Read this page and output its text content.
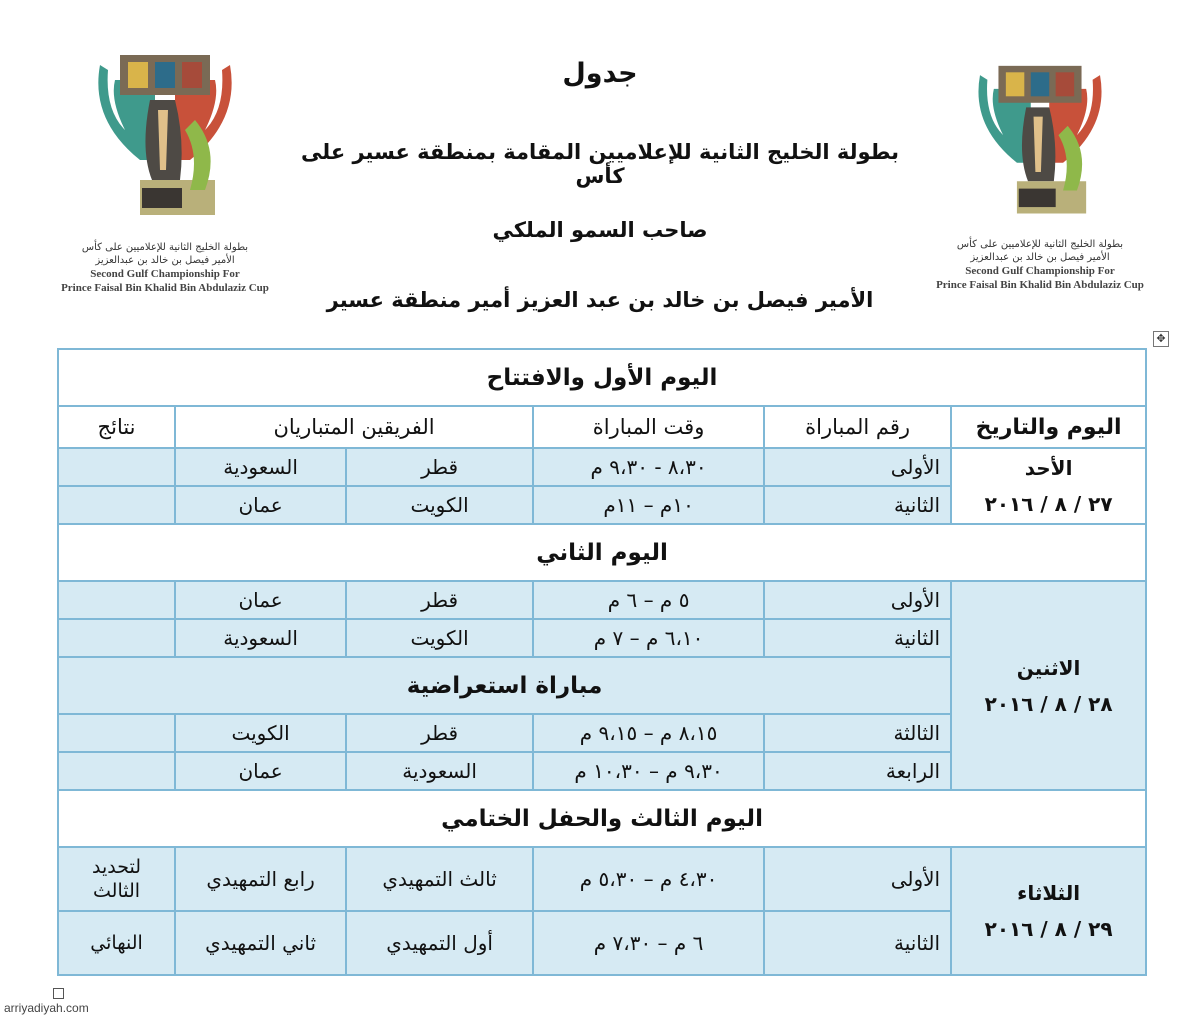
بطولة الخليج الثانية للإعلاميين على كأس
الأمير فيصل بن خالد بن عبدالعزيز
Second Gulf Championship For
Prince Faisal Bin Khalid Bin Abdulaziz Cup
بطولة الخليج الثانية للإعلاميين على كأس
الأمير فيصل بن خالد بن عبدالعزيز
Second Gulf Championship For
Prince Faisal Bin Khalid Bin Abdulaziz Cup
جدول
بطولة الخليج الثانية للإعلاميين المقامة بمنطقة عسير على كأس
صاحب السمو الملكي
الأمير فيصل بن خالد بن عبد العزيز أمير منطقة عسير
✥
اليوم الأول والافتتاح					
اليوم والتاريخ	رقم المباراة	وقت المباراة	الفريقين المتباريان		نتائج

الأحد
٢٧ / ٨ / ٢٠١٦	الأولى	٨،٣٠ - ٩،٣٠ م	قطر	السعودية	
	الثانية	١٠م – ١١م	الكويت	عمان	
اليوم الثاني					

الاثنين
٢٨ / ٨ / ٢٠١٦	الأولى	٥ م – ٦ م	قطر	عمان	
	الثانية	٦،١٠ م – ٧ م	الكويت	السعودية	
	مباراة استعراضية				
	الثالثة	٨،١٥ م – ٩،١٥ م	قطر	الكويت	
	الرابعة	٩،٣٠ م – ١٠،٣٠ م	السعودية	عمان	
اليوم الثالث والحفل الختامي					

الثلاثاء
٢٩ / ٨ / ٢٠١٦	الأولى	٤،٣٠ م – ٥،٣٠ م	ثالث التمهيدي	رابع التمهيدي	لتحديد الثالث
	الثانية	٦ م – ٧،٣٠ م	أول التمهيدي	ثاني التمهيدي	النهائي
arriyadiyah.com
